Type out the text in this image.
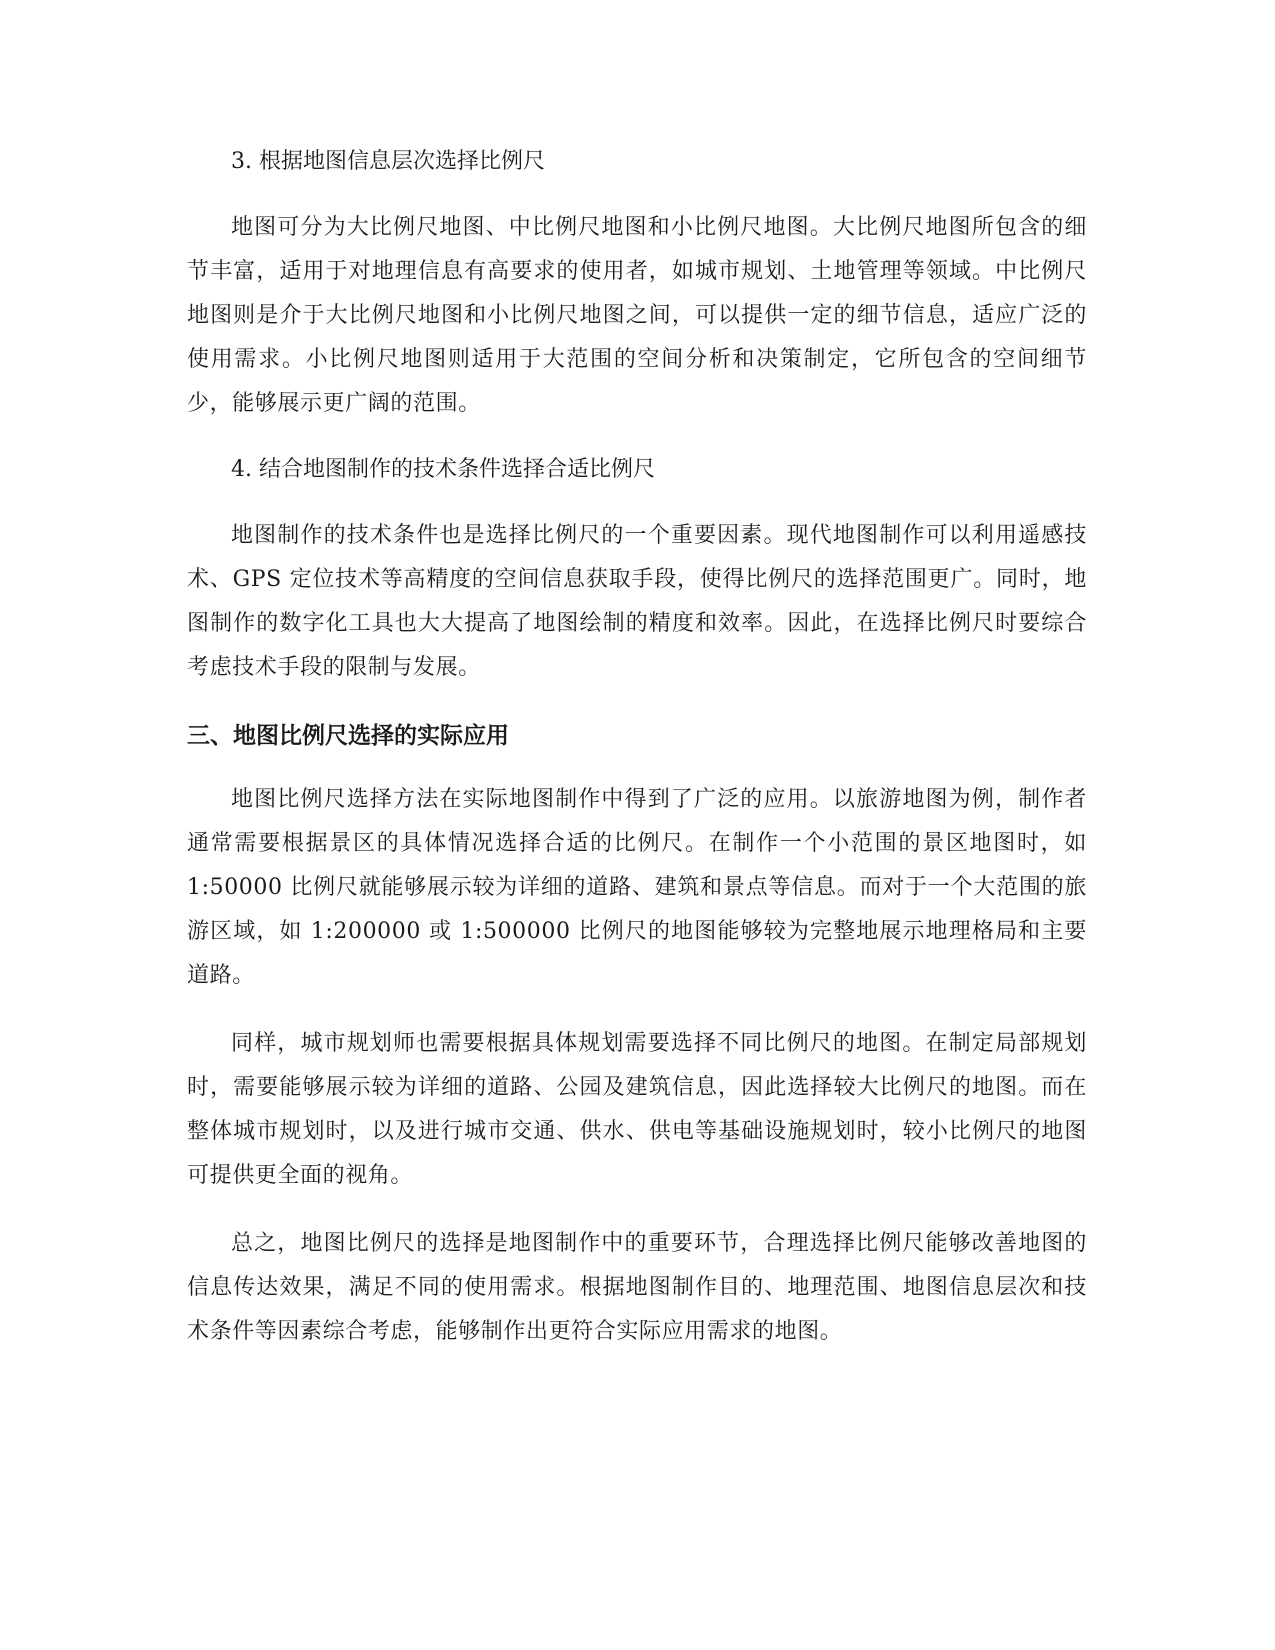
3. 根据地图信息层次选择比例尺

地图可分为大比例尺地图、中比例尺地图和小比例尺地图。大比例尺地图所包含的细节丰富，适用于对地理信息有高要求的使用者，如城市规划、土地管理等领域。中比例尺地图则是介于大比例尺地图和小比例尺地图之间，可以提供一定的细节信息，适应广泛的使用需求。小比例尺地图则适用于大范围的空间分析和决策制定，它所包含的空间细节少，能够展示更广阔的范围。

4. 结合地图制作的技术条件选择合适比例尺

地图制作的技术条件也是选择比例尺的一个重要因素。现代地图制作可以利用遥感技术、GPS 定位技术等高精度的空间信息获取手段，使得比例尺的选择范围更广。同时，地图制作的数字化工具也大大提高了地图绘制的精度和效率。因此，在选择比例尺时要综合考虑技术手段的限制与发展。

三、地图比例尺选择的实际应用

地图比例尺选择方法在实际地图制作中得到了广泛的应用。以旅游地图为例，制作者通常需要根据景区的具体情况选择合适的比例尺。在制作一个小范围的景区地图时，如 1:50000 比例尺就能够展示较为详细的道路、建筑和景点等信息。而对于一个大范围的旅游区域，如 1:200000 或 1:500000 比例尺的地图能够较为完整地展示地理格局和主要道路。

同样，城市规划师也需要根据具体规划需要选择不同比例尺的地图。在制定局部规划时，需要能够展示较为详细的道路、公园及建筑信息，因此选择较大比例尺的地图。而在整体城市规划时，以及进行城市交通、供水、供电等基础设施规划时，较小比例尺的地图可提供更全面的视角。

总之，地图比例尺的选择是地图制作中的重要环节，合理选择比例尺能够改善地图的信息传达效果，满足不同的使用需求。根据地图制作目的、地理范围、地图信息层次和技术条件等因素综合考虑，能够制作出更符合实际应用需求的地图。
